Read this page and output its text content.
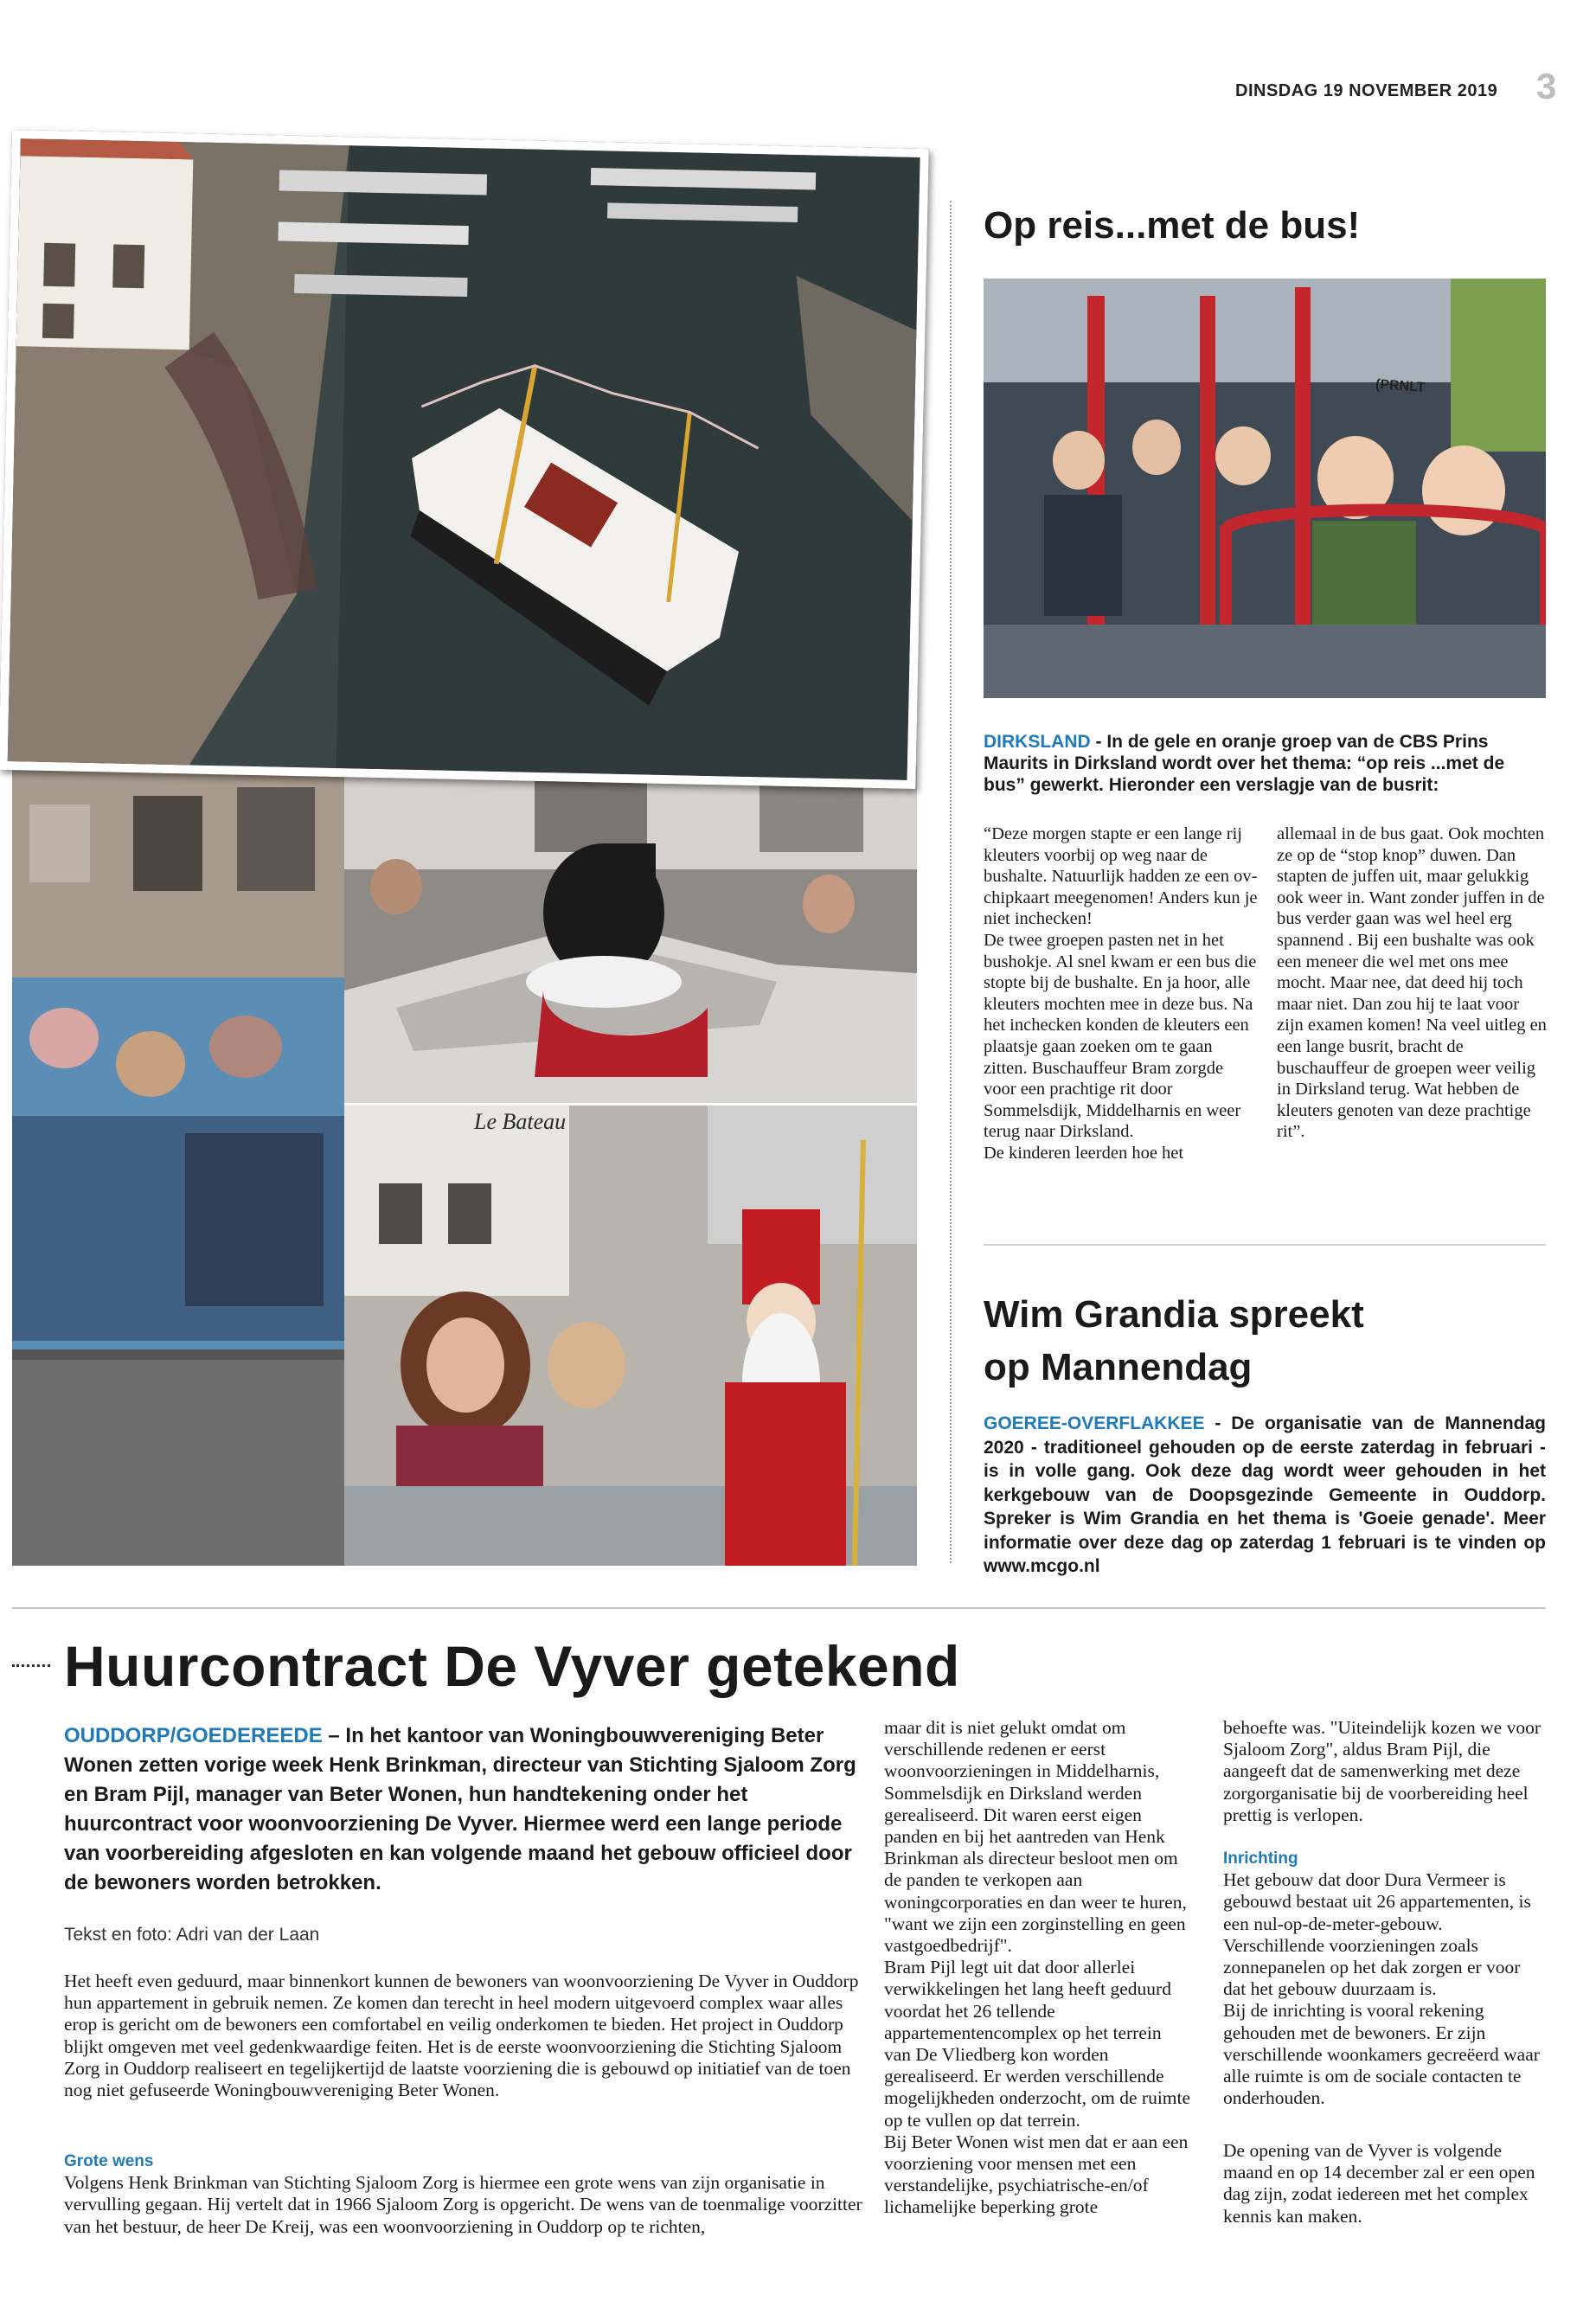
DINSDAG 19 NOVEMBER 2019 3
Le Bateau
Op reis...met de bus!
(PRNLT
DIRKSLAND - In de gele en oranje groep van de CBS Prins Maurits in Dirksland wordt over het thema: “op reis ...met de bus” gewerkt. Hieronder een verslagje van de busrit:
“Deze morgen stapte er een lange rij kleuters voorbij op weg naar de bushalte. Natuurlijk hadden ze een ov- chipkaart meegenomen! Anders kun je niet inchecken!
De twee groepen pasten net in het bushokje. Al snel kwam er een bus die stopte bij de bushalte. En ja hoor, alle kleuters mochten mee in deze bus. Na het inchecken konden de kleuters een plaatsje gaan zoeken om te gaan zitten. Buschauffeur Bram zorgde voor een prachtige rit door Sommelsdijk, Middelharnis en weer terug naar Dirksland.
De kinderen leerden hoe het
allemaal in de bus gaat. Ook mochten ze op de “stop knop” duwen. Dan stapten de juffen uit, maar gelukkig ook weer in. Want zonder juffen in de bus verder gaan was wel heel erg spannend . Bij een bushalte was ook een meneer die wel met ons mee mocht. Maar nee, dat deed hij toch maar niet. Dan zou hij te laat voor zijn examen komen! Na veel uitleg en een lange busrit, bracht de buschauffeur de groepen weer veilig in Dirksland terug. Wat hebben de kleuters genoten van deze prachtige rit”.
Wim Grandia spreekt
op Mannendag
GOEREE-OVERFLAKKEE - De organisatie van de Mannendag 2020 - traditioneel gehouden op de eerste zaterdag in februari - is in volle gang. Ook deze dag wordt weer gehouden in het kerkgebouw van de Doopsgezinde Gemeente in Ouddorp. Spreker is Wim Grandia en het thema is 'Goeie genade'. Meer informatie over deze dag op zaterdag 1 februari is te vinden op www.mcgo.nl
Huurcontract De Vyver getekend
OUDDORP/GOEDEREEDE – In het kantoor van Woningbouwvereniging Beter Wonen zetten vorige week Henk Brinkman, directeur van Stichting Sjaloom Zorg en Bram Pijl, manager van Beter Wonen, hun handtekening onder het huurcontract voor woonvoorziening De Vyver. Hiermee werd een lange periode van voorbereiding afgesloten en kan volgende maand het gebouw officieel door de bewoners worden betrokken.
Tekst en foto: Adri van der Laan
Het heeft even geduurd, maar binnenkort kunnen de bewoners van woonvoorziening De Vyver in Ouddorp hun appartement in gebruik nemen. Ze komen dan terecht in heel modern uitgevoerd complex waar alles erop is gericht om de bewoners een comfortabel en veilig onderkomen te bieden. Het project in Ouddorp blijkt omgeven met veel gedenkwaardige feiten. Het is de eerste woonvoorziening die Stichting Sjaloom Zorg in Ouddorp realiseert en tegelijkertijd de laatste voorziening die is gebouwd op initiatief van de toen nog niet gefuseerde Woningbouwvereniging Beter Wonen.
Grote wens
Volgens Henk Brinkman van Stichting Sjaloom Zorg is hiermee een grote wens van zijn organisatie in vervulling gegaan. Hij vertelt dat in 1966 Sjaloom Zorg is opgericht. De wens van de toenmalige voorzitter van het bestuur, de heer De Kreij, was een woonvoorziening in Ouddorp op te richten,
maar dit is niet gelukt omdat om verschillende redenen er eerst woonvoorzieningen in Middelharnis, Sommelsdijk en Dirksland werden gerealiseerd. Dit waren eerst eigen panden en bij het aantreden van Henk Brinkman als directeur besloot men om de panden te verkopen aan woningcorporaties en dan weer te huren, "want we zijn een zorginstelling en geen vastgoedbedrijf".
Bram Pijl legt uit dat door allerlei verwikkelingen het lang heeft geduurd voordat het 26 tellende appartementencomplex op het terrein van De Vliedberg kon worden gerealiseerd. Er werden verschillende mogelijkheden onderzocht, om de ruimte op te vullen op dat terrein.
Bij Beter Wonen wist men dat er aan een voorziening voor mensen met een verstandelijke, psychiatrische-en/of lichamelijke beperking grote
behoefte was. "Uiteindelijk kozen we voor Sjaloom Zorg", aldus Bram Pijl, die aangeeft dat de samenwerking met deze zorgorganisatie bij de voorbereiding heel prettig is verlopen.
Inrichting
Het gebouw dat door Dura Vermeer is gebouwd bestaat uit 26 appartementen, is een nul-op-de-meter-gebouw. Verschillende voorzieningen zoals zonnepanelen op het dak zorgen er voor dat het gebouw duurzaam is.
Bij de inrichting is vooral rekening gehouden met de bewoners. Er zijn verschillende woonkamers gecreëerd waar alle ruimte is om de sociale contacten te onderhouden.
De opening van de Vyver is volgende maand en op 14 december zal er een open dag zijn, zodat iedereen met het complex kennis kan maken.
